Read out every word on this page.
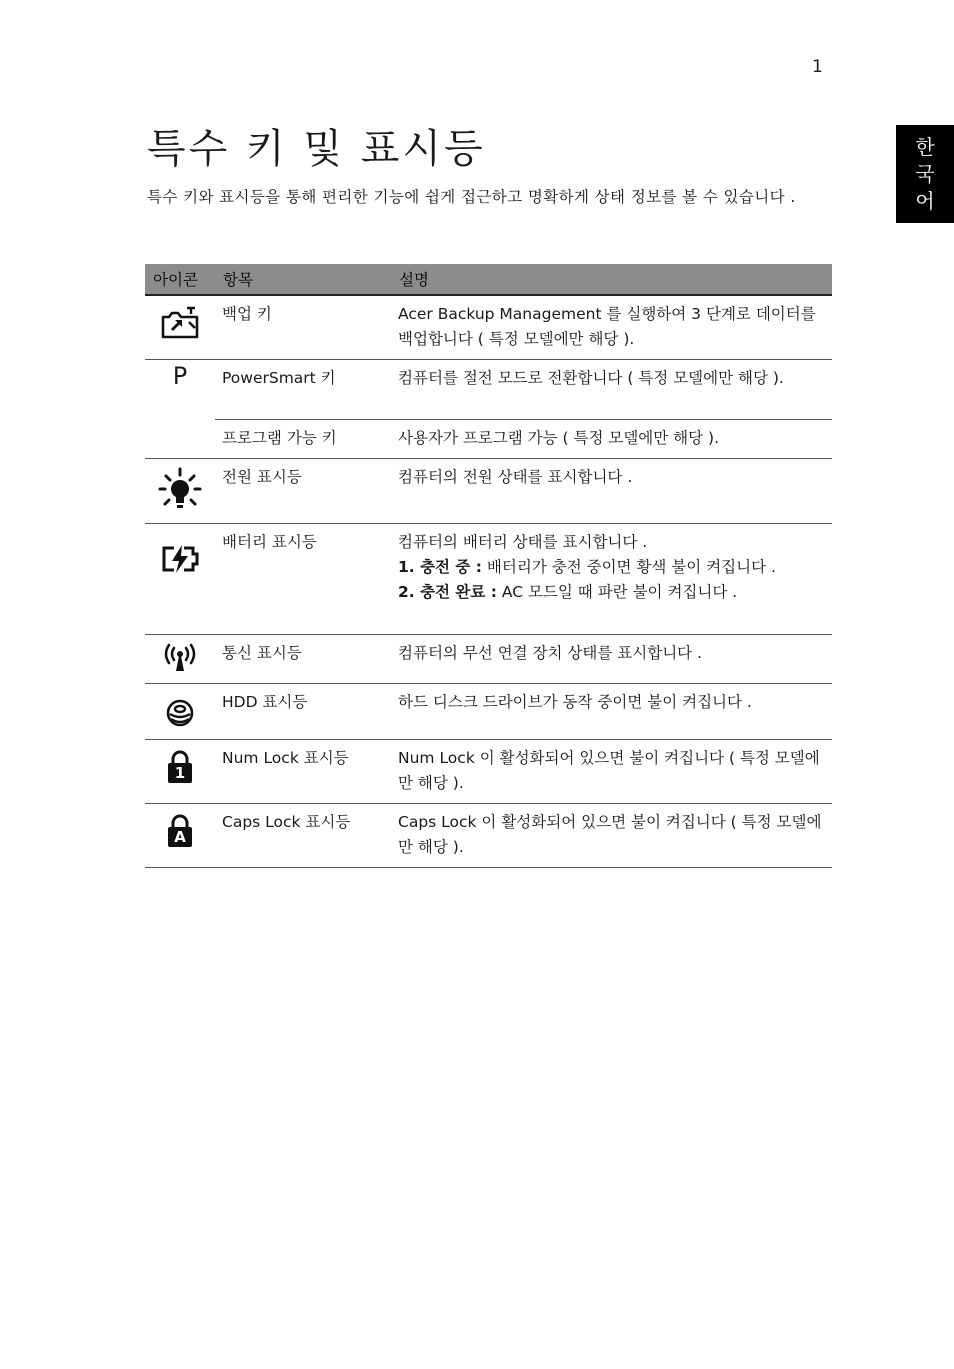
1
한
국
어
특수 키 및 표시등
특수 키와 표시등을 통해 편리한 기능에 쉽게 접근하고 명확하게 상태 정보를 볼 수 있습니다 .
아이콘	항목	설명
	백업 키	Acer Backup Management 를 실행하여 3 단계로 데이터를 백업합니다 ( 특정 모델에만 해당 ).
P	PowerSmart 키	컴퓨터를 절전 모드로 전환합니다 ( 특정 모델에만 해당 ).
	프로그램 가능 키	사용자가 프로그램 가능 ( 특정 모델에만 해당 ).
	전원 표시등	컴퓨터의 전원 상태를 표시합니다 .
	배터리 표시등	컴퓨터의 배터리 상태를 표시합니다 .
1. 충전 중 : 배터리가 충전 중이면 황색 불이 켜집니다 .
2. 충전 완료 : AC 모드일 때 파란 불이 켜집니다 .

	통신 표시등	컴퓨터의 무선 연결 장치 상태를 표시합니다 .
	HDD 표시등	하드 디스크 드라이브가 동작 중이면 불이 켜집니다 .

1	Num Lock 표시등	Num Lock 이 활성화되어 있으면 불이 켜집니다 ( 특정 모델에만 해당 ).

A	Caps Lock 표시등	Caps Lock 이 활성화되어 있으면 불이 켜집니다 ( 특정 모델에만 해당 ).
